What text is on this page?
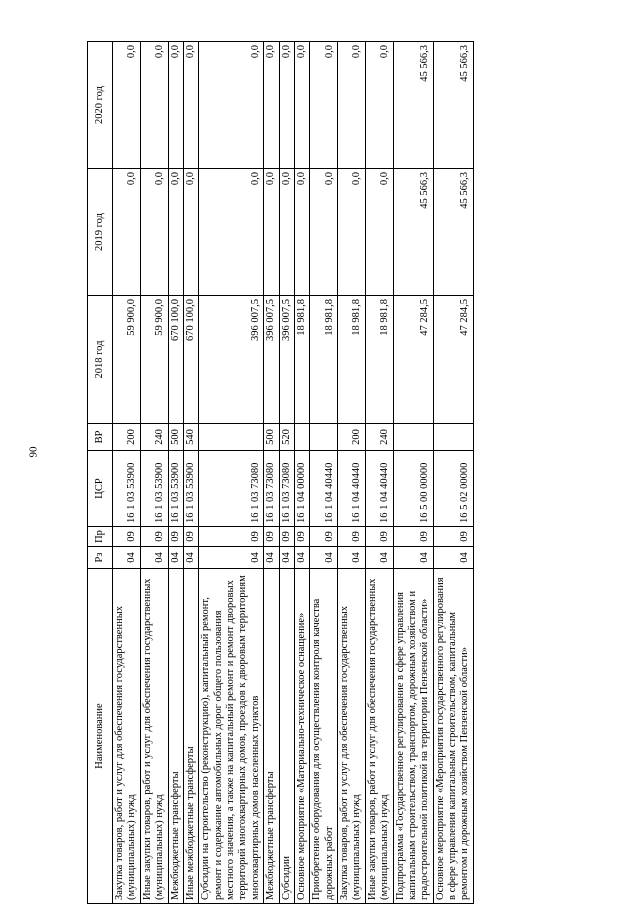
90
Наименование	Рз	Пр	ЦСР	ВР	2018 год	2019 год	2020 год
Закупка товаров, работ и услуг для обеспечения государственных (муниципальных) нужд	04	09	16 1 03 53900	200	59 900,0	0,0	0,0
Иные закупки товаров, работ и услуг для обеспечения государственных (муниципальных) нужд	04	09	16 1 03 53900	240	59 900,0	0,0	0,0
Межбюджетные трансферты	04	09	16 1 03 53900	500	670 100,0	0,0	0,0
Иные межбюджетные трансферты	04	09	16 1 03 53900	540	670 100,0	0,0	0,0
Субсидии на строительство (реконструкцию), капитальный ремонт, ремонт и содержание автомобильных дорог общего пользования местного значения, а также на капитальный ремонт и ремонт дворовых территорий многоквартирных домов, проездов к дворовым территориям многоквартирных домов населенных пунктов	04	09	16 1 03 73080		396 007,5	0,0	0,0
Межбюджетные трансферты	04	09	16 1 03 73080	500	396 007,5	0,0	0,0
Субсидии	04	09	16 1 03 73080	520	396 007,5	0,0	0,0
Основное мероприятие «Материально-техническое оснащение»	04	09	16 1 04 00000		18 981,8	0,0	0,0
Приобретение оборудования для осуществления контроля качества дорожных работ	04	09	16 1 04 40440		18 981,8	0,0	0,0
Закупка товаров, работ и услуг для обеспечения государственных (муниципальных) нужд	04	09	16 1 04 40440	200	18 981,8	0,0	0,0
Иные закупки товаров, работ и услуг для обеспечения государственных (муниципальных) нужд	04	09	16 1 04 40440	240	18 981,8	0,0	0,0
Подпрограмма «Государственное регулирование в сфере управления капитальным строительством, транспортом, дорожным хозяйством и градостроительной политикой на территории Пензенской области»	04	09	16 5 00 00000		47 284,5	45 566,3	45 566,3
Основное мероприятие «Мероприятия государственного регулирования в сфере управления капитальным строительством, капитальным ремонтом и дорожным хозяйством Пензенской области»	04	09	16 5 02 00000		47 284,5	45 566,3	45 566,3
